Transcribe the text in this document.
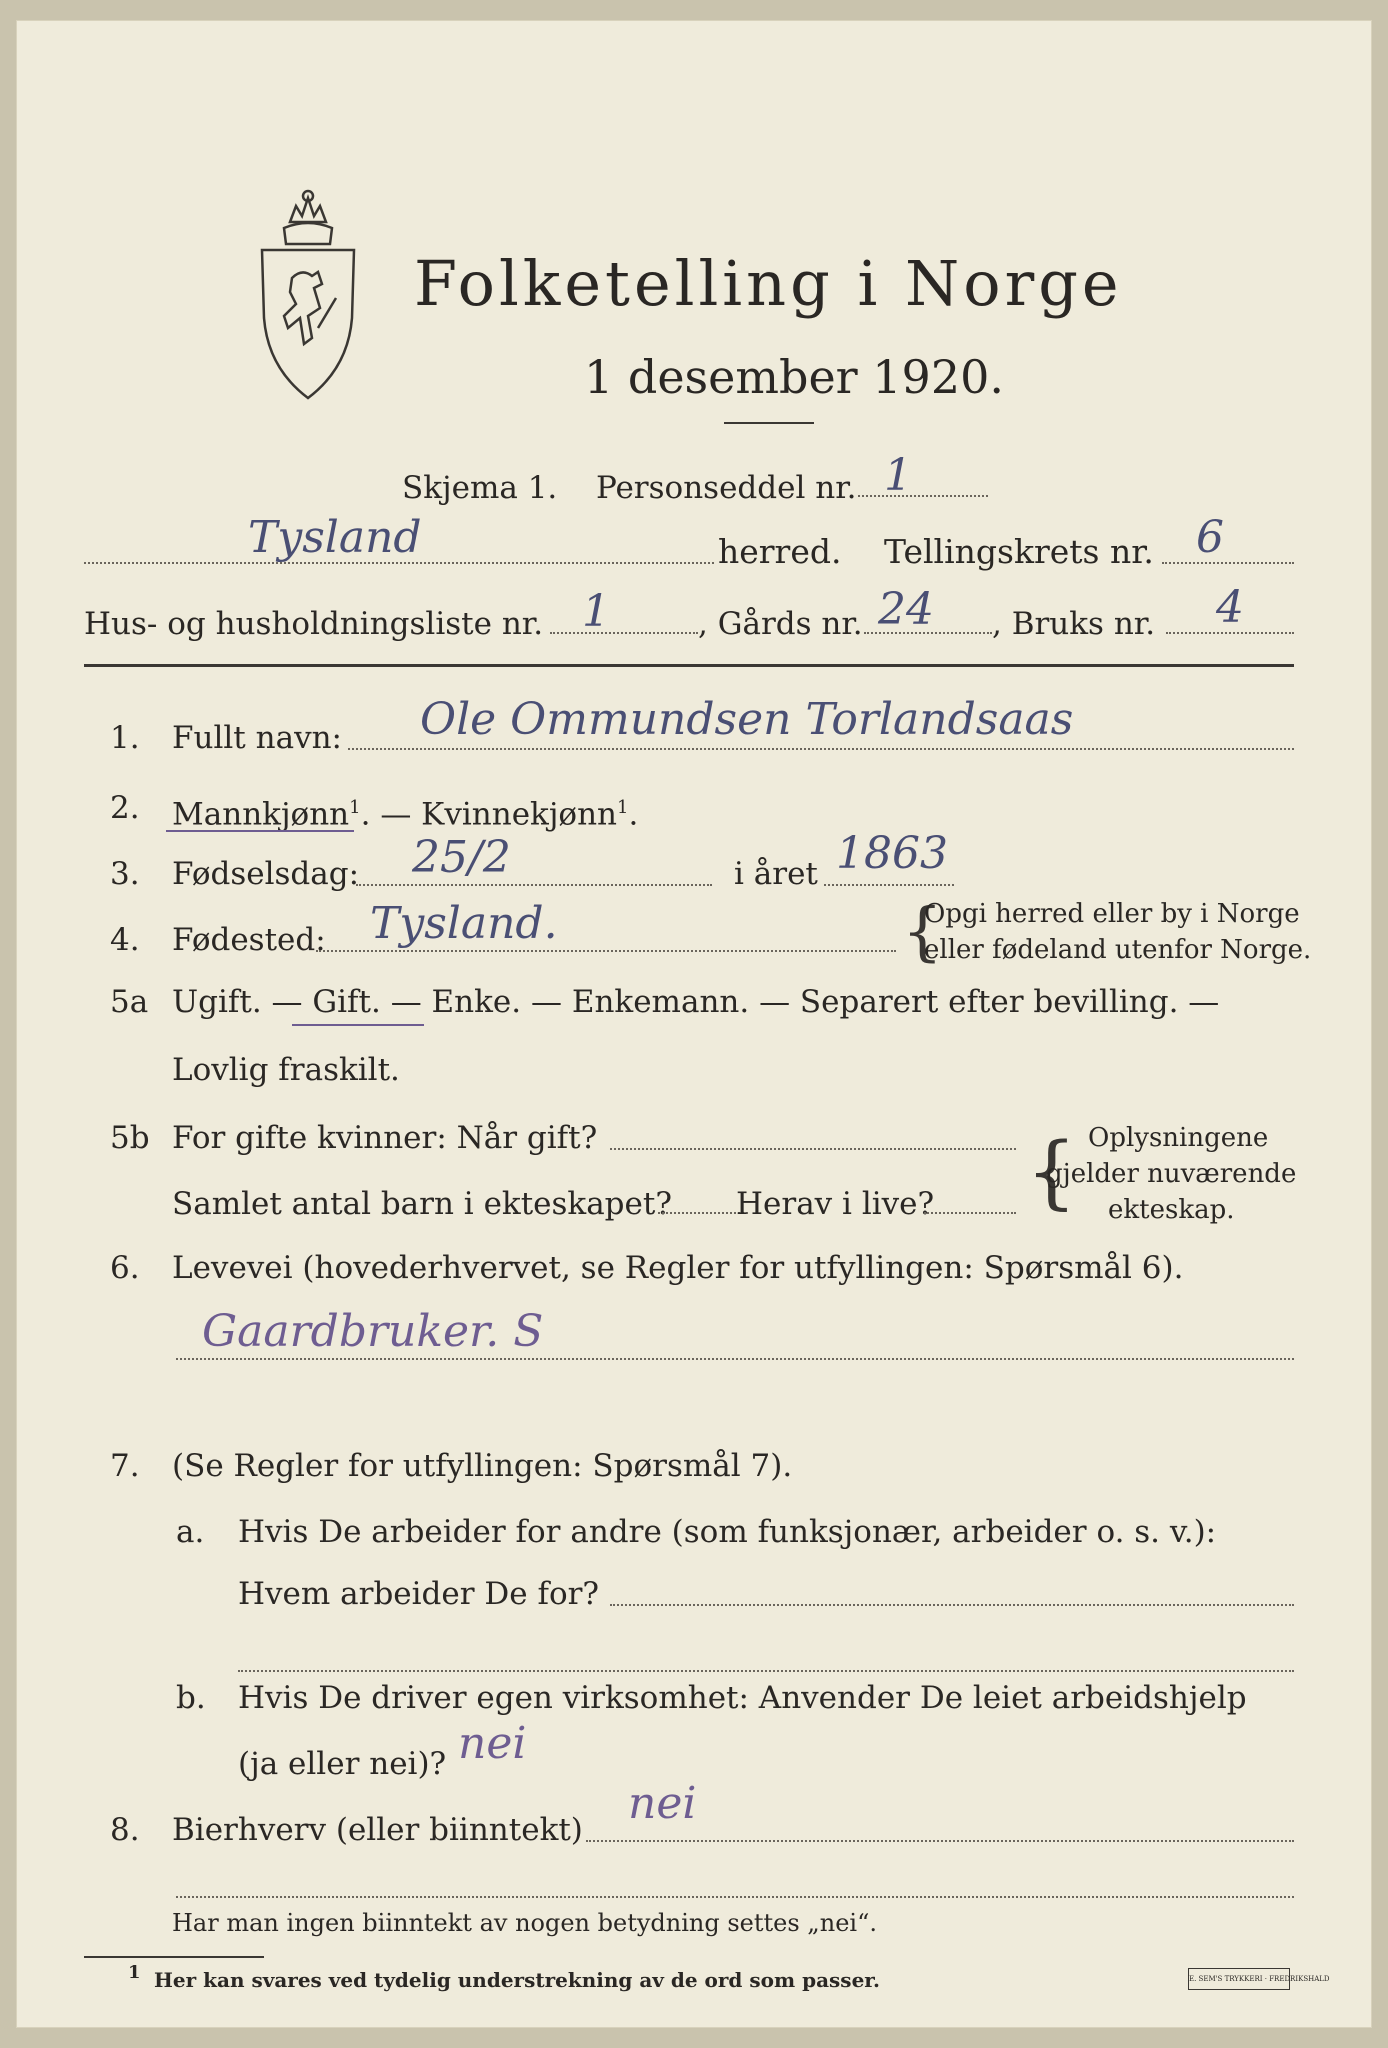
Folketelling i Norge
1 desember 1920.
Skjema 1. Personseddel nr. 1
Tysland	herred. Tellingskrets nr. 6
Hus- og husholdningsliste nr. 1	, Gårds nr. 24 , Bruks nr. 4
1. Fullt navn: Ole Ommundsen Torlandsaas
2. Mannkjønn$^1$. — Kvinnekjønn$^1$.
3. Fødselsdag: 25/2	i året 1863
4. Fødested: Tysland.	{
Opgi herred eller by i Norge
eller fødeland utenfor Norge.
5a Ugift. — Gift. — Enke. — Enkemann. — Separert efter bevilling. —
Lovlig fraskilt.
5b For gifte kvinner: Når gift?
Samlet antal barn i ekteskapet? Herav i live? { Oplysningene
gjelder nuværende
ekteskap.
6. Levevei (hovederhvervet, se Regler for utfyllingen: Spørsmål 6).
Gaardbruker. S
7. (Se Regler for utfyllingen: Spørsmål 7).
a. Hvis De arbeider for andre (som funksjonær, arbeider o. s. v.):
Hvem arbeider De for?
b. Hvis De driver egen virksomhet: Anvender De leiet arbeidshjelp
(ja eller nei)? nei
8. Bierhverv (eller biinntekt)
nei
Har man ingen biinntekt av nogen betydning settes „nei“.
1 Her kan svares ved tydelig understrekning av de ord som passer.	E. SEM'S TRYKKERI · FREDRIKSHALD
